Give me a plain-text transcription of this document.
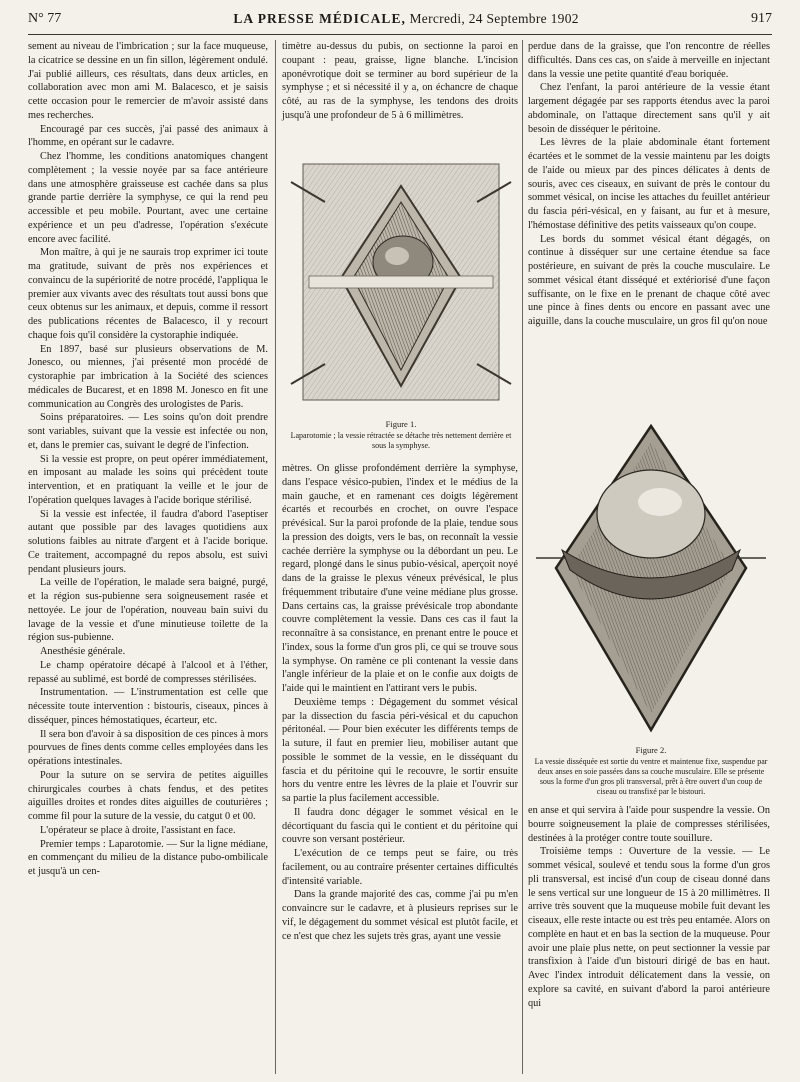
N° 77	LA PRESSE MÉDICALE, Mercredi, 24 Septembre 1902	917

sement au niveau de l'imbrication ; sur la face muqueuse, la cicatrice se dessine en un fin sillon, légèrement ondulé. J'ai publié ailleurs, ces résultats, dans deux articles, en collaboration avec mon ami M. Balacesco, et je saisis cette occasion pour le remercier de m'avoir assisté dans mes recherches.

Encouragé par ces succès, j'ai passé des animaux à l'homme, en opérant sur le cadavre.

Chez l'homme, les conditions anatomiques changent complètement ; la vessie noyée par sa face antérieure dans une atmosphère graisseuse est cachée dans sa plus grande partie derrière la symphyse, ce qui la rend peu accessible et peu mobile. Pourtant, avec une certaine expérience et un peu d'adresse, l'opération s'exécute encore avec facilité.

Mon maître, à qui je ne saurais trop exprimer ici toute ma gratitude, suivant de près nos expériences et convaincu de la supériorité de notre procédé, l'appliqua le premier aux vivants avec des résultats tout aussi bons que ceux obtenus sur les animaux, et depuis, comme il ressort des publications récentes de Balacesco, il y recourt chaque fois qu'il considère la cystoraphie indiquée.

En 1897, basé sur plusieurs observations de M. Jonesco, ou miennes, j'ai présenté mon procédé de cystoraphie par imbrication à la Société des sciences médicales de Bucarest, et en 1898 M. Jonesco en fit une communication au Congrès des urologistes de Paris.

Soins préparatoires. — Les soins qu'on doit prendre sont variables, suivant que la vessie est infectée ou non, et, dans le premier cas, suivant le degré de l'infection.

Si la vessie est propre, on peut opérer immédiatement, en imposant au malade les soins qui précèdent toute intervention, et en pratiquant la veille et le jour de l'opération quelques lavages à l'acide borique stérilisé.

Si la vessie est infectée, il faudra d'abord l'aseptiser autant que possible par des lavages quotidiens aux solutions faibles au nitrate d'argent et à l'acide borique. Ce traitement, accompagné du repos absolu, est suivi pendant plusieurs jours.

La veille de l'opération, le malade sera baigné, purgé, et la région sus-pubienne sera soigneusement rasée et nettoyée. Le jour de l'opération, nouveau bain suivi du lavage de la vessie et d'une minutieuse toilette de la région sus-pubienne.

Anesthésie générale.

Le champ opératoire décapé à l'alcool et à l'éther, repassé au sublimé, est bordé de compresses stérilisées.

Instrumentation. — L'instrumentation est celle que nécessite toute intervention : bistouris, ciseaux, pinces à disséquer, pinces hémostatiques, écarteur, etc.

Il sera bon d'avoir à sa disposition de ces pinces à mors pourvues de fines dents comme celles employées dans les opérations intestinales.

Pour la suture on se servira de petites aiguilles chirurgicales courbes à chats fendus, et des petites aiguilles droites et rondes dites aiguilles de couturières ; comme fil pour la suture de la vessie, du catgut 0 et 00.

L'opérateur se place à droite, l'assistant en face.

Premier temps : Laparotomie. — Sur la ligne médiane, en commençant du milieu de la distance pubo-ombilicale et jusqu'à un cen-

timètre au-dessus du pubis, on sectionne la paroi en coupant : peau, graisse, ligne blanche. L'incision aponévrotique doit se terminer au bord supérieur de la symphyse ; et si nécessité il y a, on échancre de chaque côté, au ras de la symphyse, les tendons des droits jusqu'à une profondeur de 5 à 6 millimètres.

Figure 1.
Laparotomie ; la vessie rétractée se détache très nettement derrière et sous la symphyse.

mètres. On glisse profondément derrière la symphyse, dans l'espace vésico-pubien, l'index et le médius de la main gauche, et en ramenant ces doigts légèrement écartés et recourbés en crochet, on ouvre l'espace prévésical. Sur la paroi profonde de la plaie, tendue sous la pression des doigts, vers le bas, on reconnaît la vessie cachée derrière la symphyse ou la débordant un peu. Le regard, plongé dans le sinus pubio-vésical, aperçoit noyé dans de la graisse le plexus véneux prévésical, le plus fréquemment tributaire d'une veine médiane plus grosse. Dans certains cas, la graisse prévésicale trop abondante couvre complètement la vessie. Dans ces cas il faut la reconnaître à sa consistance, en prenant entre le pouce et l'index, sous la forme d'un gros pli, ce qui se trouve sous la symphyse. On ramène ce pli contenant la vessie dans l'angle inférieur de la plaie et on le confie aux doigts de l'aide qui le maintient en l'attirant vers le pubis.

Deuxième temps : Dégagement du sommet vésical par la dissection du fascia péri-vésical et du capuchon péritonéal. — Pour bien exécuter les différents temps de la suture, il faut en premier lieu, mobiliser autant que possible le sommet de la vessie, en le disséquant du fascia et du péritoine qui le recouvre, le sortir ensuite hors du ventre entre les lèvres de la plaie et l'ouvrir sur sa partie la plus facilement accessible.

Il faudra donc dégager le sommet vésical en le décortiquant du fascia qui le contient et du péritoine qui couvre son versant postérieur.

L'exécution de ce temps peut se faire, ou très facilement, ou au contraire présenter certaines difficultés d'intensité variable.

Dans la grande majorité des cas, comme j'ai pu m'en convaincre sur le cadavre, et à plusieurs reprises sur le vif, le dégagement du sommet vésical est plutôt facile, et ce n'est que chez les sujets très gras, ayant une vessie

perdue dans de la graisse, que l'on rencontre de réelles difficultés. Dans ces cas, on s'aide à merveille en injectant dans la vessie une petite quantité d'eau boriquée.

Chez l'enfant, la paroi antérieure de la vessie étant largement dégagée par ses rapports étendus avec la paroi abdominale, on l'attaque directement sans qu'il y ait besoin de disséquer le péritoine.

Les lèvres de la plaie abdominale étant fortement écartées et le sommet de la vessie maintenu par les doigts de l'aide ou mieux par des pinces délicates à dents de souris, avec ces ciseaux, en suivant de près le contour du sommet vésical, on incise les attaches du feuillet antérieur du fascia péri-vésical, en y faisant, au fur et à mesure, l'hémostase définitive des petits vaisseaux qu'on coupe.

Les bords du sommet vésical étant dégagés, on continue à disséquer sur une certaine étendue sa face postérieure, en suivant de près la couche musculaire. Le sommet vésical étant disséqué et extériorisé d'une façon suffisante, on le fixe en le prenant de chaque côté avec une pince à fines dents ou encore en passant avec une aiguille, dans la couche musculaire, un gros fil qu'on noue

Figure 2.
La vessie disséquée est sortie du ventre et maintenue fixe, suspendue par deux anses en soie passées dans sa couche musculaire. Elle se présente sous la forme d'un gros pli transversal, prêt à être ouvert d'un coup de ciseau ou transfixé par le bistouri.

en anse et qui servira à l'aide pour suspendre la vessie. On bourre soigneusement la plaie de compresses stérilisées, destinées à la protéger contre toute souillure.

Troisième temps : Ouverture de la vessie. — Le sommet vésical, soulevé et tendu sous la forme d'un gros pli transversal, est incisé d'un coup de ciseau donné dans le sens vertical sur une longueur de 15 à 20 millimètres. Il arrive très souvent que la muqueuse mobile fuit devant les ciseaux, elle reste intacte ou est très peu entamée. Alors on complète en haut et en bas la section de la muqueuse. Pour avoir une plaie plus nette, on peut sectionner la vessie par transfixion à l'aide d'un bistouri dirigé de bas en haut. Avec l'index introduit délicatement dans la vessie, on explore sa cavité, en suivant d'abord la paroi antérieure qui
